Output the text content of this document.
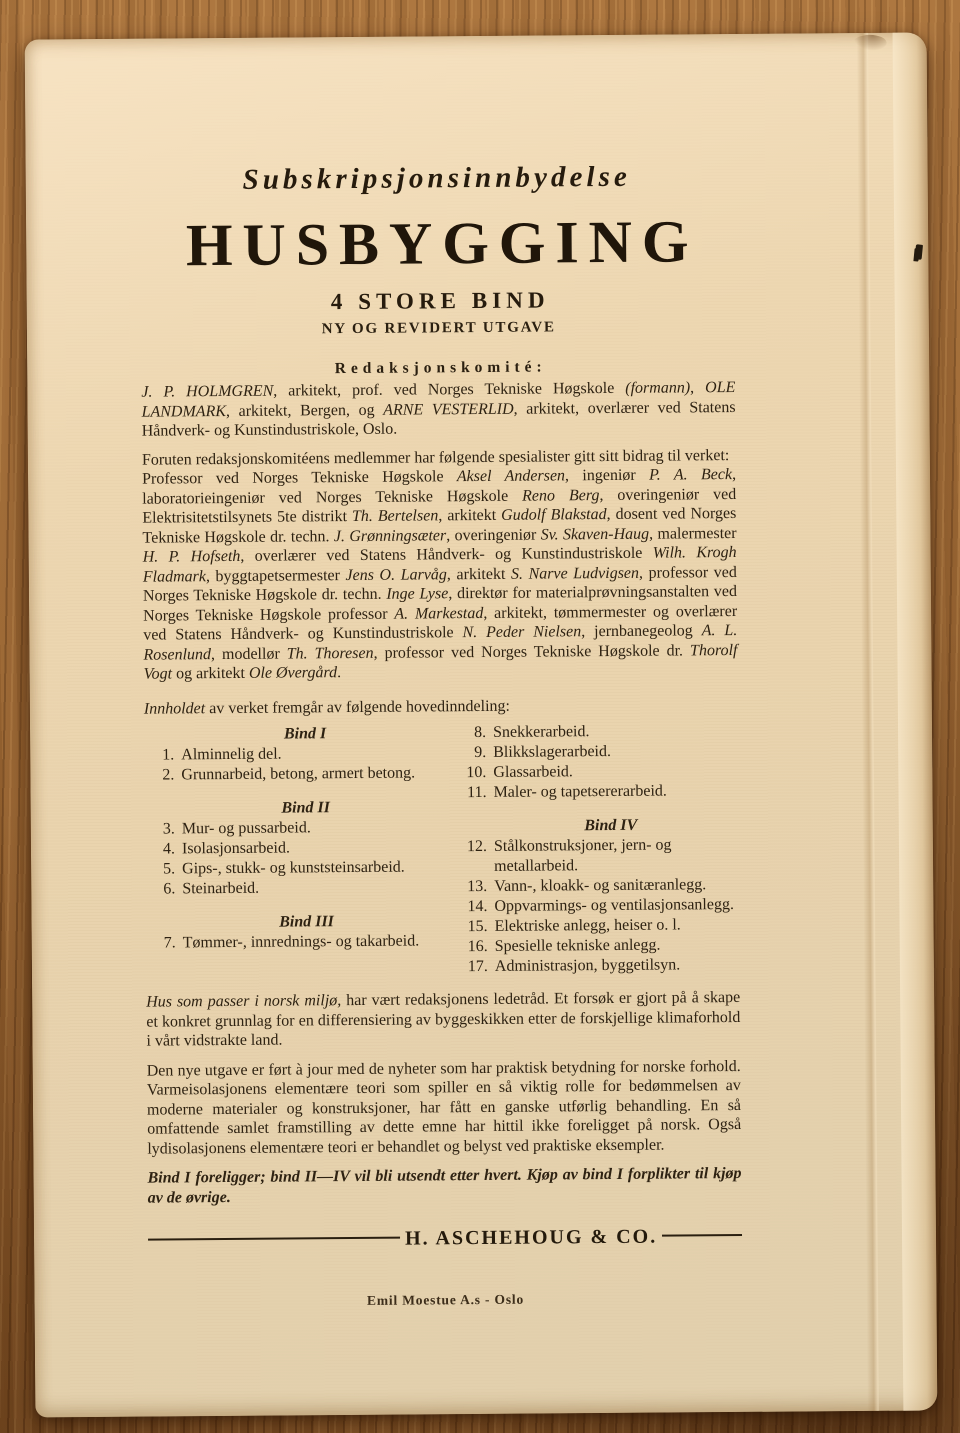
Subskripsjonsinnbydelse
HUSBYGGING
4 STORE BIND
NY OG REVIDERT UTGAVE
Redaksjonskomité:
J. P. HOLMGREN, arkitekt, prof. ved Norges Tekniske Høgskole (formann), OLE LANDMARK, arkitekt, Bergen, og ARNE VESTERLID, arkitekt, overlærer ved Statens Håndverk- og Kunstindustriskole, Oslo.
Foruten redaksjonskomitéens medlemmer har følgende spesialister gitt sitt bidrag til verket:
Professor ved Norges Tekniske Høgskole Aksel Andersen, ingeniør P. A. Beck, laboratorieingeniør ved Norges Tekniske Høgskole Reno Berg, overingeniør ved Elektrisitetstilsynets 5te distrikt Th. Bertelsen, arkitekt Gudolf Blakstad, dosent ved Norges Tekniske Høgskole dr. techn. J. Grønningsæter, overingeniør Sv. Skaven-Haug, malermester H. P. Hofseth, overlærer ved Statens Håndverk- og Kunstindustriskole Wilh. Krogh Fladmark, byggtapetsermester Jens O. Larvåg, arkitekt S. Narve Ludvigsen, professor ved Norges Tekniske Høgskole dr. techn. Inge Lyse, direktør for materialprøvningsanstalten ved Norges Tekniske Høgskole professor A. Markestad, arkitekt, tømmermester og overlærer ved Statens Håndverk- og Kunstindustriskole N. Peder Nielsen, jernbanegeolog A. L. Rosenlund, modellør Th. Thoresen, professor ved Norges Tekniske Høgskole dr. Thorolf Vogt og arkitekt Ole Øvergård.
Innholdet av verket fremgår av følgende hovedinndeling:
Bind I
1. Alminnelig del.
2. Grunnarbeid, betong, armert betong.
Bind II
3. Mur- og pussarbeid.
4. Isolasjonsarbeid.
5. Gips-, stukk- og kunststeinsarbeid.
6. Steinarbeid.
Bind III
7. Tømmer-, innrednings- og takarbeid.
8. Snekkerarbeid.
9. Blikkslagerarbeid.
10. Glassarbeid.
11. Maler- og tapetsererarbeid.
Bind IV
12. Stålkonstruksjoner, jern- og metallarbeid.
13. Vann-, kloakk- og sanitæranlegg.
14. Oppvarmings- og ventilasjonsanlegg.
15. Elektriske anlegg, heiser o. l.
16. Spesielle tekniske anlegg.
17. Administrasjon, byggetilsyn.
Hus som passer i norsk miljø, har vært redaksjonens ledetråd. Et forsøk er gjort på å skape et konkret grunnlag for en differensiering av byggeskikken etter de forskjellige klimaforhold i vårt vidstrakte land.
Den nye utgave er ført à jour med de nyheter som har praktisk betydning for norske forhold. Varmeisolasjonens elementære teori som spiller en så viktig rolle for bedømmelsen av moderne materialer og konstruksjoner, har fått en ganske utførlig behandling. En så omfattende samlet framstilling av dette emne har hittil ikke foreligget på norsk. Også lydisolasjonens elementære teori er behandlet og belyst ved praktiske eksempler.
Bind I foreligger; bind II—IV vil bli utsendt etter hvert. Kjøp av bind I forplikter til kjøp av de øvrige.
H. ASCHEHOUG & CO.
Emil Moestue A.s - Oslo
